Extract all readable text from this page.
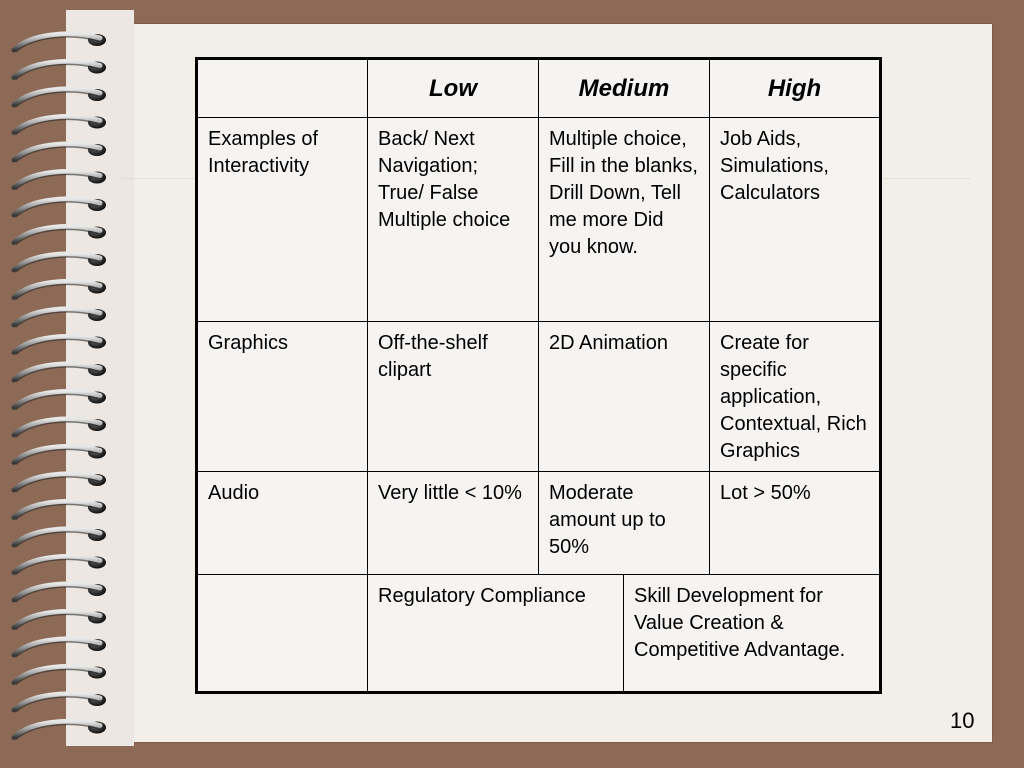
	Low	Medium		High
Examples of Interactivity	Back/ Next Navigation; True/ False Multiple choice	Multiple choice, Fill in the blanks, Drill Down, Tell me more Did you know.		Job Aids, Simulations, Calculators
Graphics	Off-the-shelf clipart	2D Animation		Create for specific application, Contextual, Rich Graphics
Audio	Very little < 10%	Moderate amount up to 50%		Lot > 50%
	Regulatory Compliance		Skill Development for Value Creation & Competitive Advantage.	
10
